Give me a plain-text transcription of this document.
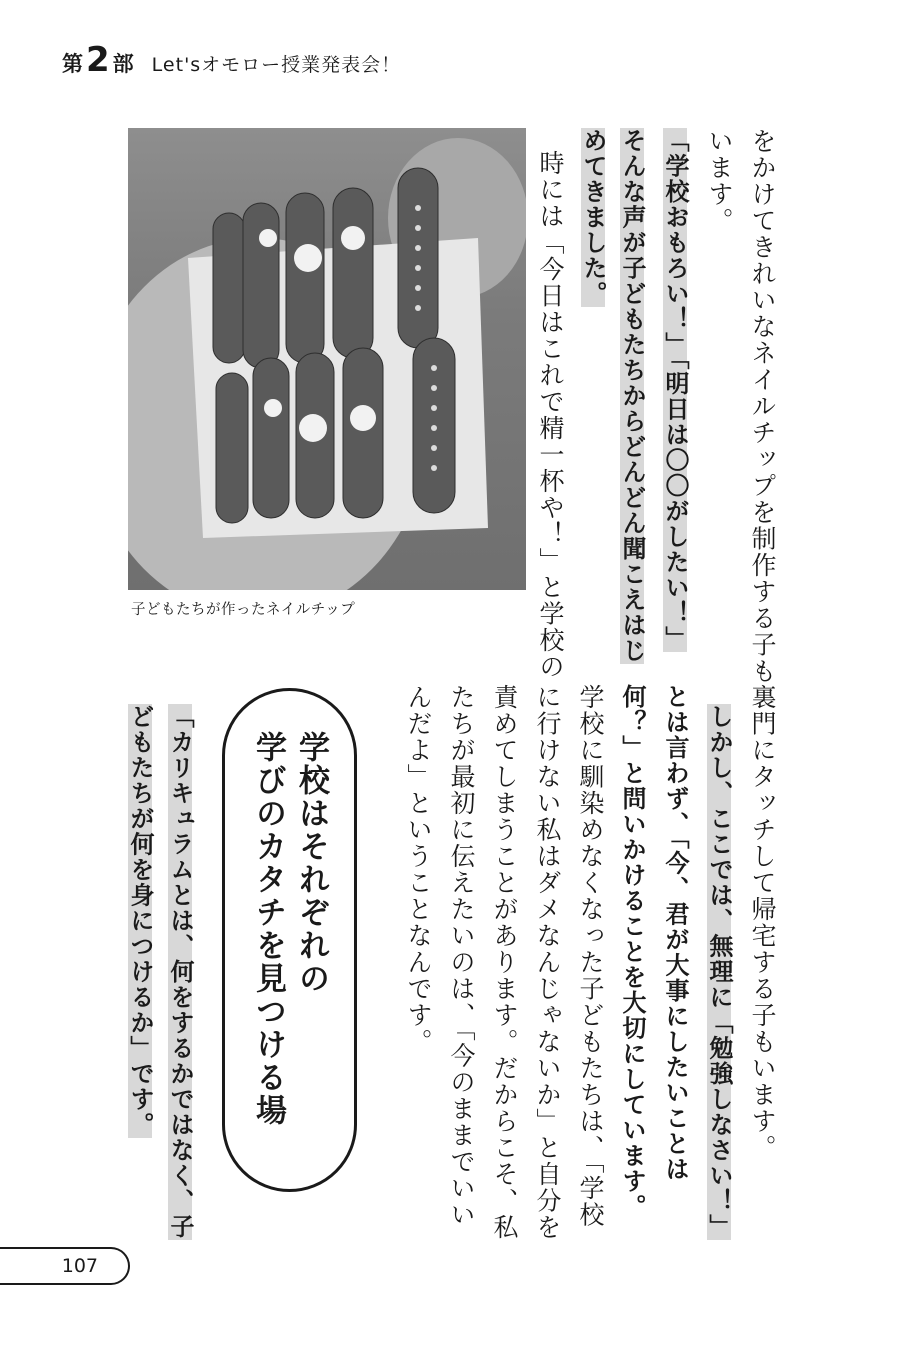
第 2 部 Let'sオモロー授業発表会！
子どもたちが作ったネイルチップ	をかけてきれいなネイルチップを制作する子も
います。
「学校おもろい！」「明日は〇〇がしたい！」
そんな声が子どもたちからどんどん聞こえはじ
めてきました。
時には「今日はこれで精一杯や！」と学校の
裏門にタッチして帰宅する子もいます。
しかし、ここでは、無理に「勉強しなさい！」
とは言わず、「今、君が大事にしたいことは
何？」と問いかけることを大切にしています。
学校に馴染めなくなった子どもたちは、「学校
に行けない私はダメなんじゃないか」と自分を
責めてしまうことがあります。だからこそ、私
たちが最初に伝えたいのは、「今のままでいい
んだよ」ということなんです。
学校はそれぞれの
学びのカタチを見つける場
「カリキュラムとは、何をするかではなく、子
どもたちが何を身につけるか」です。
107
